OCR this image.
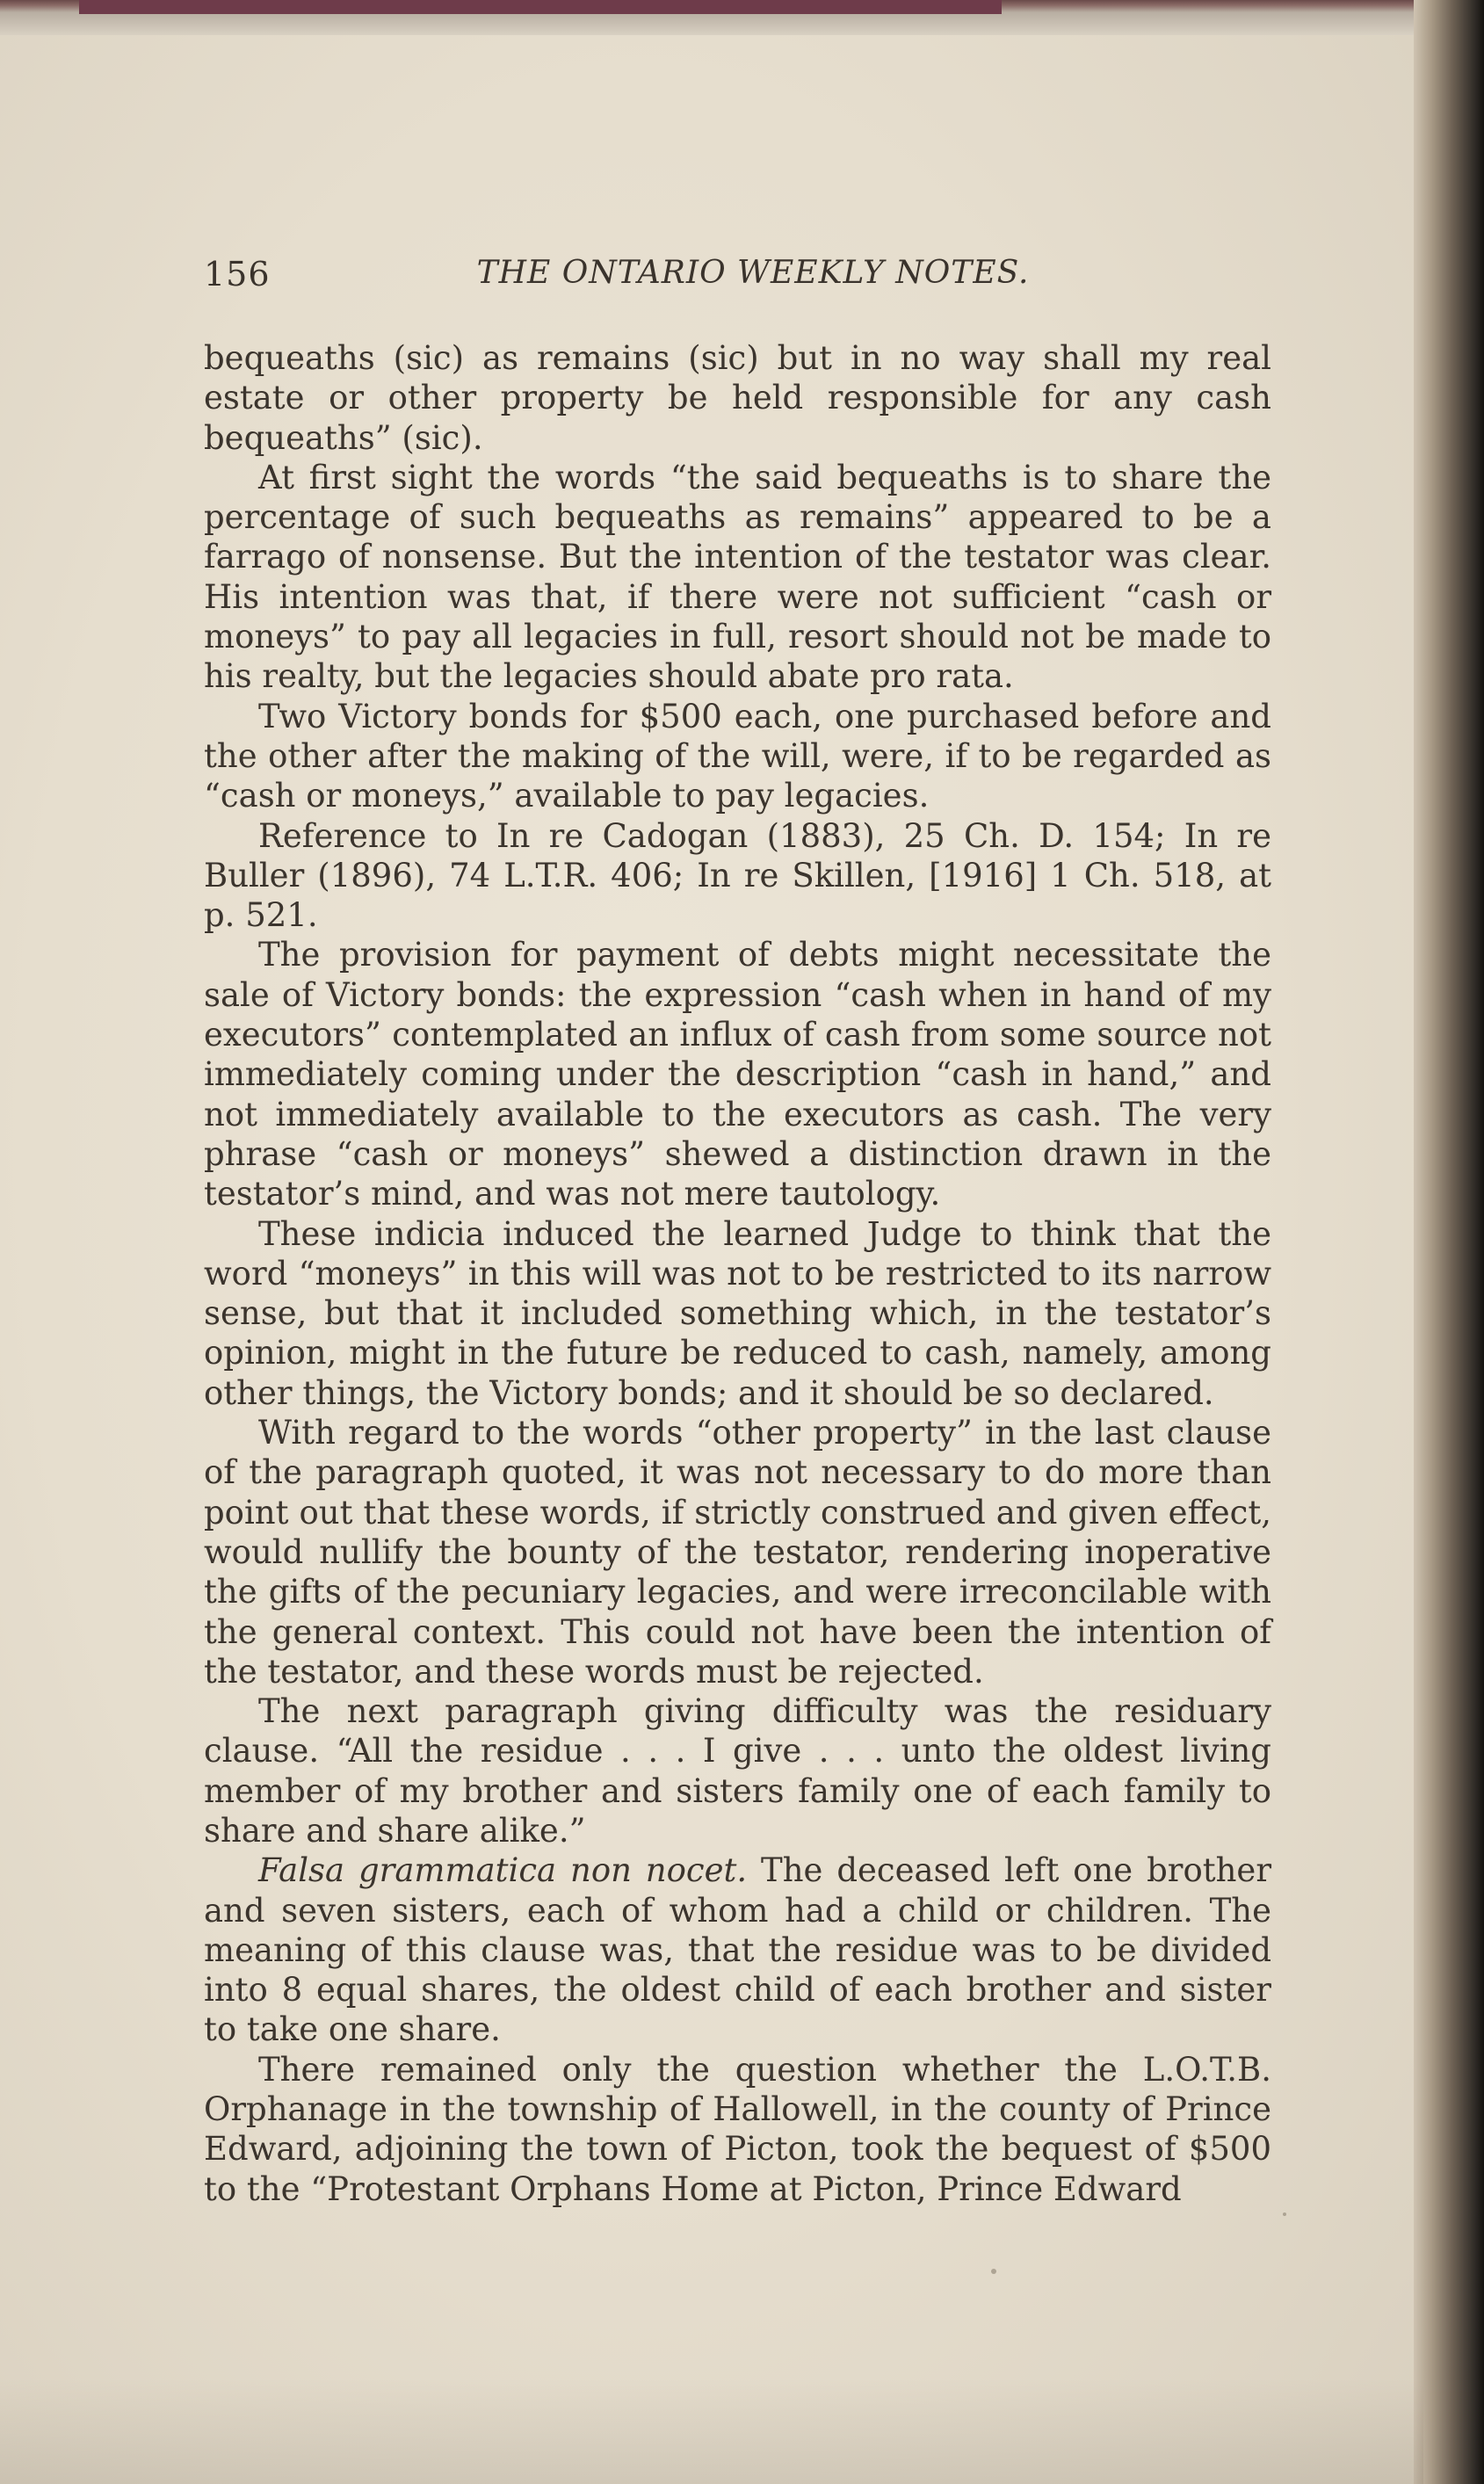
156	THE ONTARIO WEEKLY NOTES.

bequeaths (sic) as remains (sic) but in no way shall my real estate or other property be held responsible for any cash bequeaths” (sic).

At first sight the words “the said bequeaths is to share the percentage of such bequeaths as remains” appeared to be a farrago of nonsense. But the intention of the testator was clear. His intention was that, if there were not sufficient “cash or moneys” to pay all legacies in full, resort should not be made to his realty, but the legacies should abate pro rata.

Two Victory bonds for $500 each, one purchased before and the other after the making of the will, were, if to be regarded as “cash or moneys,” available to pay legacies.

Reference to In re Cadogan (1883), 25 Ch. D. 154; In re Buller (1896), 74 L.T.R. 406; In re Skillen, [1916] 1 Ch. 518, at p. 521.

The provision for payment of debts might necessitate the sale of Victory bonds: the expression “cash when in hand of my executors” contemplated an influx of cash from some source not immediately coming under the description “cash in hand,” and not immediately available to the executors as cash. The very phrase “cash or moneys” shewed a distinction drawn in the testator’s mind, and was not mere tautology.

These indicia induced the learned Judge to think that the word “moneys” in this will was not to be restricted to its narrow sense, but that it included something which, in the testator’s opinion, might in the future be reduced to cash, namely, among other things, the Victory bonds; and it should be so declared.

With regard to the words “other property” in the last clause of the paragraph quoted, it was not necessary to do more than point out that these words, if strictly construed and given effect, would nullify the bounty of the testator, rendering inoperative the gifts of the pecuniary legacies, and were irreconcilable with the general context. This could not have been the intention of the testator, and these words must be rejected.

The next paragraph giving difficulty was the residuary clause. “All the residue . . . I give . . . unto the oldest living member of my brother and sisters family one of each family to share and share alike.”

Falsa grammatica non nocet. The deceased left one brother and seven sisters, each of whom had a child or children. The meaning of this clause was, that the residue was to be divided into 8 equal shares, the oldest child of each brother and sister to take one share.

There remained only the question whether the L.O.T.B. Orphanage in the township of Hallowell, in the county of Prince Edward, adjoining the town of Picton, took the bequest of $500 to the “Protestant Orphans Home at Picton, Prince Edward
